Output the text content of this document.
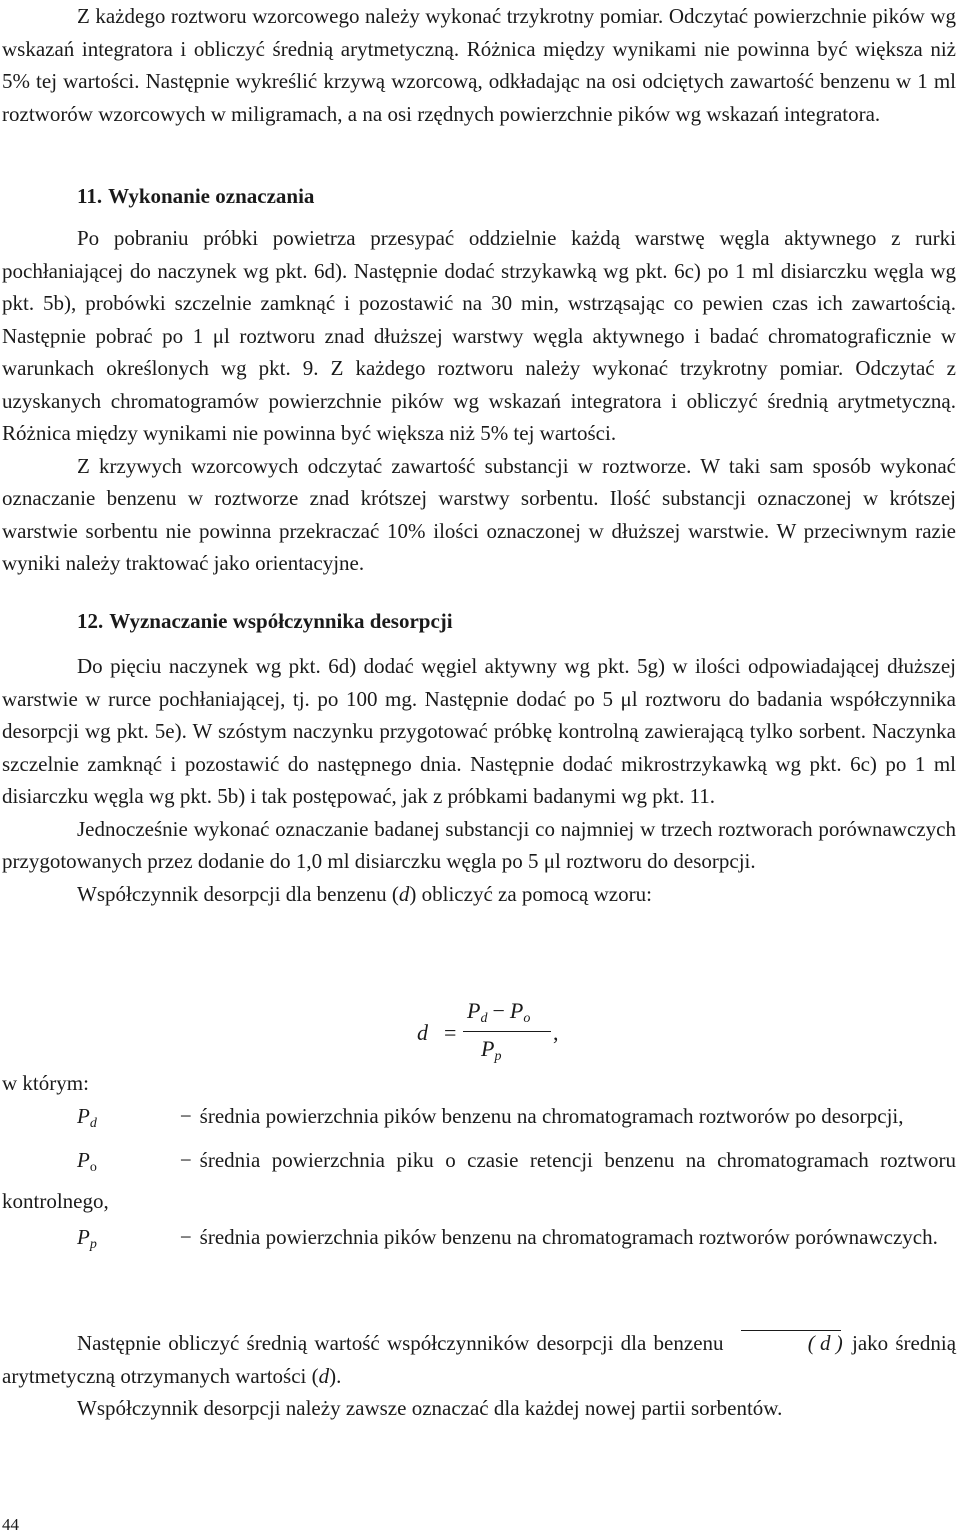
Z każdego roztworu wzorcowego należy wykonać trzykrotny pomiar. Odczytać powierzchnie pików wg wskazań integratora i obliczyć średnią arytmetyczną. Różnica między wynikami nie powinna być większa niż 5% tej wartości. Następnie wykreślić krzywą wzorcową, odkładając na osi odciętych zawartość benzenu w 1 ml roztworów wzorcowych w miligramach, a na osi rzędnych powierzchnie pików wg wskazań integratora.

11. Wykonanie oznaczania

Po pobraniu próbki powietrza przesypać oddzielnie każdą warstwę węgla aktywnego z rurki pochłaniającej do naczynek wg pkt. 6d). Następnie dodać strzykawką wg pkt. 6c) po 1 ml disiarczku węgla wg pkt. 5b), probówki szczelnie zamknąć i pozostawić na 30 min, wstrząsając co pewien czas ich zawartością. Następnie pobrać po 1 μl roztworu znad dłuższej warstwy węgla aktywnego i badać chromatograficznie w warunkach określonych wg pkt. 9. Z każdego roztworu należy wykonać trzykrotny pomiar. Odczytać z uzyskanych chromatogramów powierzchnie pików wg wskazań integratora i obliczyć średnią arytmetyczną. Różnica między wynikami nie powinna być większa niż 5% tej wartości.

Z krzywych wzorcowych odczytać zawartość substancji w roztworze. W taki sam sposób wykonać oznaczanie benzenu w roztworze znad krótszej warstwy sorbentu. Ilość substancji oznaczonej w krótszej warstwie sorbentu nie powinna przekraczać 10% ilości oznaczonej w dłuższej warstwie. W przeciwnym razie wyniki należy traktować jako orientacyjne.

12. Wyznaczanie współczynnika desorpcji

Do pięciu naczynek wg pkt. 6d) dodać węgiel aktywny wg pkt. 5g) w ilości odpowiadającej dłuższej warstwie w rurce pochłaniającej, tj. po 100 mg. Następnie dodać po 5 μl roztworu do badania współczynnika desorpcji wg pkt. 5e). W szóstym naczynku przygotować próbkę kontrolną zawierającą tylko sorbent. Naczynka szczelnie zamknąć i pozostawić do następnego dnia. Następnie dodać mikrostrzykawką wg pkt. 6c) po 1 ml disiarczku węgla wg pkt. 5b) i tak postępować, jak z próbkami badanymi wg pkt. 11.

Jednocześnie wykonać oznaczanie badanej substancji co najmniej w trzech roztworach porównawczych przygotowanych przez dodanie do 1,0 ml disiarczku węgla po 5 μl roztworu do desorpcji.

Współczynnik desorpcji dla benzenu (d) obliczyć za pomocą wzoru:

d =
$P_d - P_o$
$P_p$
,

w którym:

$P_d$	− średnia powierzchnia pików benzenu na chromatogramach roztworów po desorpcji,

$P_o$	− średnia powierzchnia piku o czasie retencji benzenu na chromatogramach roztworu kontrolnego,

$P_p$	− średnia powierzchnia pików benzenu na chromatogramach roztworów porównawczych.

Następnie obliczyć średnią wartość współczynników desorpcji dla benzenu	( d ) jako średnią arytmetyczną otrzymanych wartości (d).

Współczynnik desorpcji należy zawsze oznaczać dla każdej nowej partii sorbentów.

44
